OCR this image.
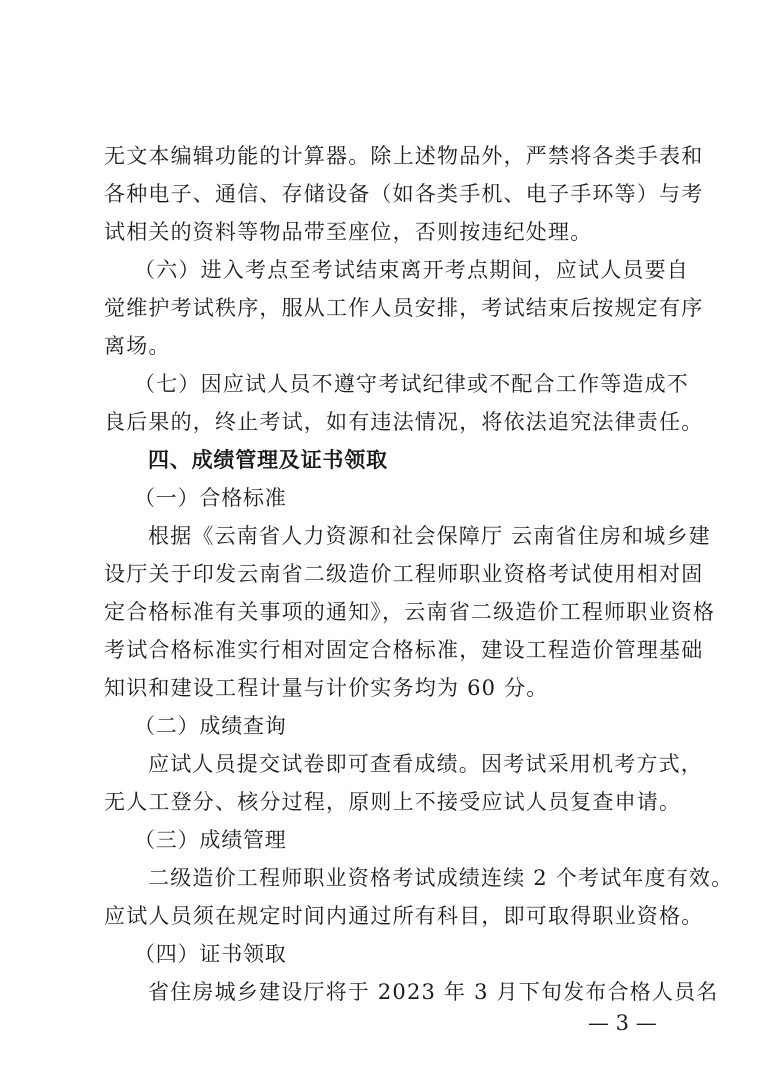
无文本编辑功能的计算器。除上述物品外，严禁将各类手表和
各种电子、通信、存储设备（如各类手机、电子手环等）与考
试相关的资料等物品带至座位，否则按违纪处理。
（六）进入考点至考试结束离开考点期间，应试人员要自
觉维护考试秩序，服从工作人员安排，考试结束后按规定有序
离场。
（七）因应试人员不遵守考试纪律或不配合工作等造成不
良后果的，终止考试，如有违法情况，将依法追究法律责任。
四、成绩管理及证书领取
（一）合格标准
根据《云南省人力资源和社会保障厅 云南省住房和城乡建
设厅关于印发云南省二级造价工程师职业资格考试使用相对固
定合格标准有关事项的通知》，云南省二级造价工程师职业资格
考试合格标准实行相对固定合格标准，建设工程造价管理基础
知识和建设工程计量与计价实务均为 60 分。
（二）成绩查询
应试人员提交试卷即可查看成绩。因考试采用机考方式，
无人工登分、核分过程，原则上不接受应试人员复查申请。
（三）成绩管理
二级造价工程师职业资格考试成绩连续 2 个考试年度有效。
应试人员须在规定时间内通过所有科目，即可取得职业资格。
（四）证书领取
省住房城乡建设厅将于 2023 年 3 月下旬发布合格人员名
— 3 —
